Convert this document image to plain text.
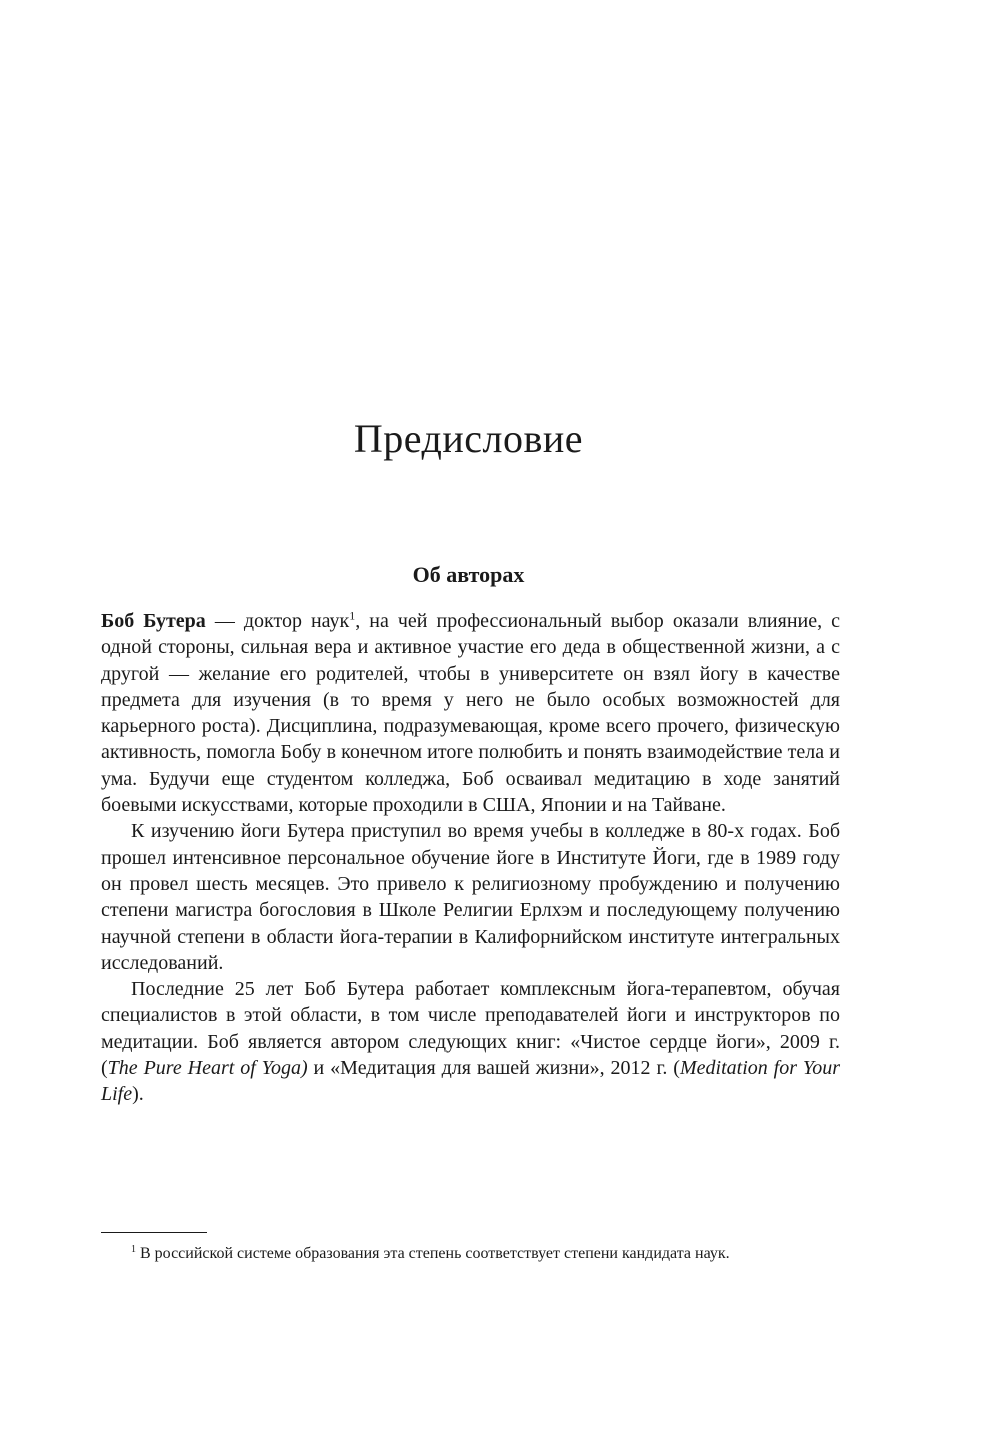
Предисловие
Об авторах

Боб Бутера — доктор наук$^1$, на чей профессиональный выбор оказали влияние, с одной стороны, сильная вера и активное участие его деда в общественной жизни, а с другой — желание его родителей, чтобы в университете он взял йогу в качестве предмета для изучения (в то время у него не было особых возможностей для карьерного роста). Дисциплина, подразумевающая, кроме всего прочего, физическую активность, помогла Бобу в конечном итоге полюбить и понять взаимодействие тела и ума. Будучи еще студентом колледжа, Боб осваивал медитацию в ходе занятий боевыми искусствами, которые проходили в США, Японии и на Тайване.

К изучению йоги Бутера приступил во время учебы в колледже в 80-х годах. Боб прошел интенсивное персональное обучение йоге в Институте Йоги, где в 1989 году он провел шесть месяцев. Это привело к религиозному пробуждению и получению степени магистра богословия в Школе Религии Ерлхэм и последующему получению научной степени в области йога-терапии в Калифорнийском институте интегральных исследований.

Последние 25 лет Боб Бутера работает комплексным йога-терапевтом, обучая специалистов в этой области, в том числе преподавателей йоги и инструкторов по медитации. Боб является автором следующих книг: «Чистое сердце йоги», 2009 г. (The Pure Heart of Yoga) и «Медитация для вашей жизни», 2012 г. (Meditation for Your Life).

$^1$ В российской системе образования эта степень соответствует степени кандидата наук.
